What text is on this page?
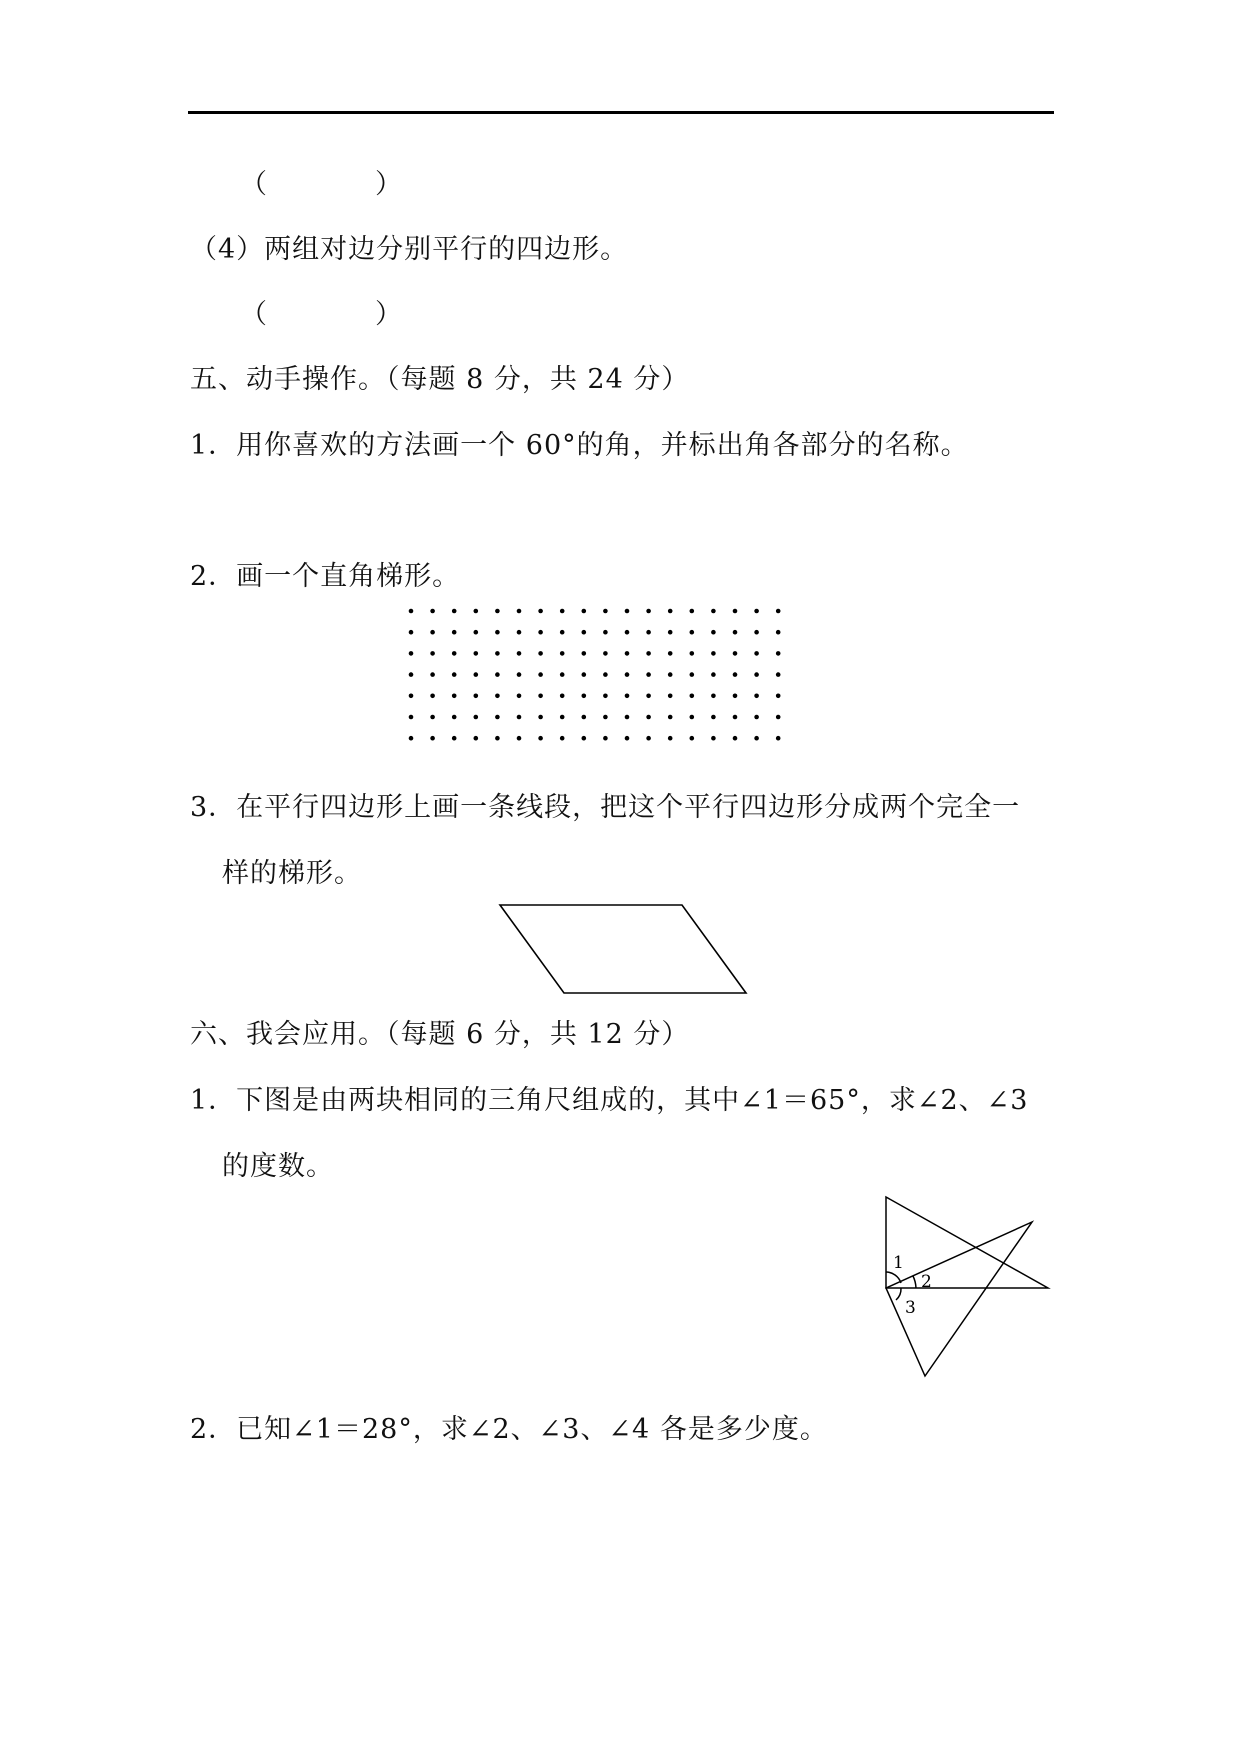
（	）
（4）两组对边分别平行的四边形。
（	）
五、动手操作。（每题 8 分，共 24 分）
1．用你喜欢的方法画一个 60°的角，并标出角各部分的名称。
2．画一个直角梯形。
3．在平行四边形上画一条线段，把这个平行四边形分成两个完全一
样的梯形。
六、我会应用。（每题 6 分，共 12 分）
1．下图是由两块相同的三角尺组成的，其中∠1＝65°，求∠2、∠3
的度数。
1
2
3
2．已知∠1＝28°，求∠2、∠3、∠4 各是多少度。
